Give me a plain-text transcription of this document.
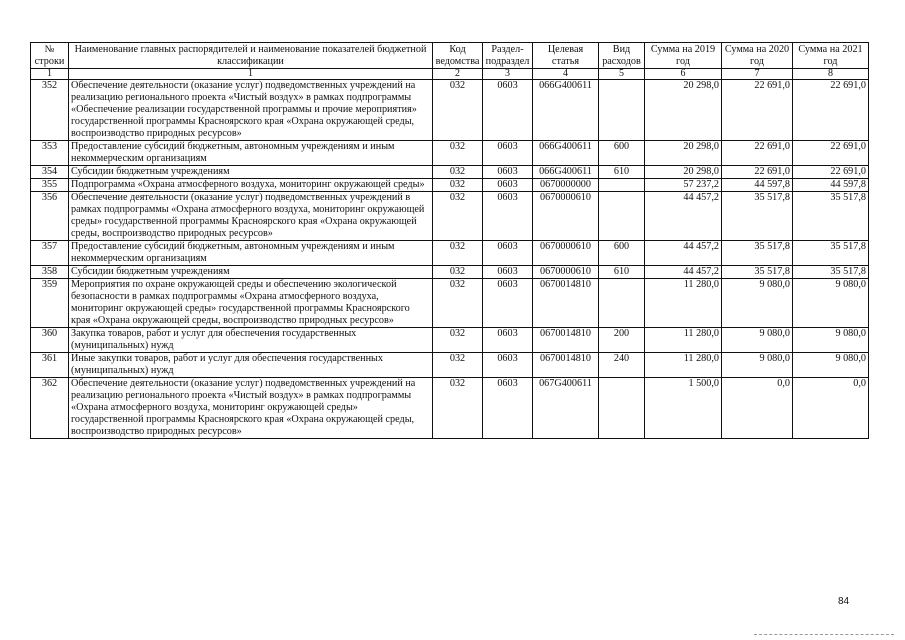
№ строки	Наименование главных распорядителей и наименование показателей бюджетной классификации	Код ведомства	Раздел-подраздел	Целевая статья	Вид расходов	Сумма на 2019 год	Сумма на 2020 год	Сумма на 2021 год
1	1	2	3	4	5	6	7	8
352	Обеспечение деятельности (оказание услуг) подведомственных учреждений на реализацию регионального проекта «Чистый воздух» в рамках подпрограммы «Обеспечение реализации государственной программы и прочие мероприятия» государственной программы Красноярского края «Охрана окружающей среды, воспроизводство природных ресурсов»	032	0603	066G400611		20 298,0	22 691,0	22 691,0
353	Предоставление субсидий бюджетным, автономным учреждениям и иным некоммерческим организациям	032	0603	066G400611	600	20 298,0	22 691,0	22 691,0
354	Субсидии бюджетным учреждениям	032	0603	066G400611	610	20 298,0	22 691,0	22 691,0
355	Подпрограмма «Охрана атмосферного воздуха, мониторинг окружающей среды»	032	0603	0670000000		57 237,2	44 597,8	44 597,8
356	Обеспечение деятельности (оказание услуг) подведомственных учреждений в рамках подпрограммы «Охрана атмосферного воздуха, мониторинг окружающей среды» государственной программы Красноярского края «Охрана окружающей среды, воспроизводство природных ресурсов»	032	0603	0670000610		44 457,2	35 517,8	35 517,8
357	Предоставление субсидий бюджетным, автономным учреждениям и иным некоммерческим организациям	032	0603	0670000610	600	44 457,2	35 517,8	35 517,8
358	Субсидии бюджетным учреждениям	032	0603	0670000610	610	44 457,2	35 517,8	35 517,8
359	Мероприятия по охране окружающей среды и обеспечению экологической безопасности в рамках подпрограммы «Охрана атмосферного воздуха, мониторинг окружающей среды» государственной программы Красноярского края «Охрана окружающей среды, воспроизводство природных ресурсов»	032	0603	0670014810		11 280,0	9 080,0	9 080,0
360	Закупка товаров, работ и услуг для обеспечения государственных (муниципальных) нужд	032	0603	0670014810	200	11 280,0	9 080,0	9 080,0
361	Иные закупки товаров, работ и услуг для обеспечения государственных (муниципальных) нужд	032	0603	0670014810	240	11 280,0	9 080,0	9 080,0
362	Обеспечение деятельности (оказание услуг) подведомственных учреждений на реализацию регионального проекта «Чистый воздух» в рамках подпрограммы «Охрана атмосферного воздуха, мониторинг окружающей среды» государственной программы Красноярского края «Охрана окружающей среды, воспроизводство природных ресурсов»	032	0603	067G400611		1 500,0	0,0	0,0
84
